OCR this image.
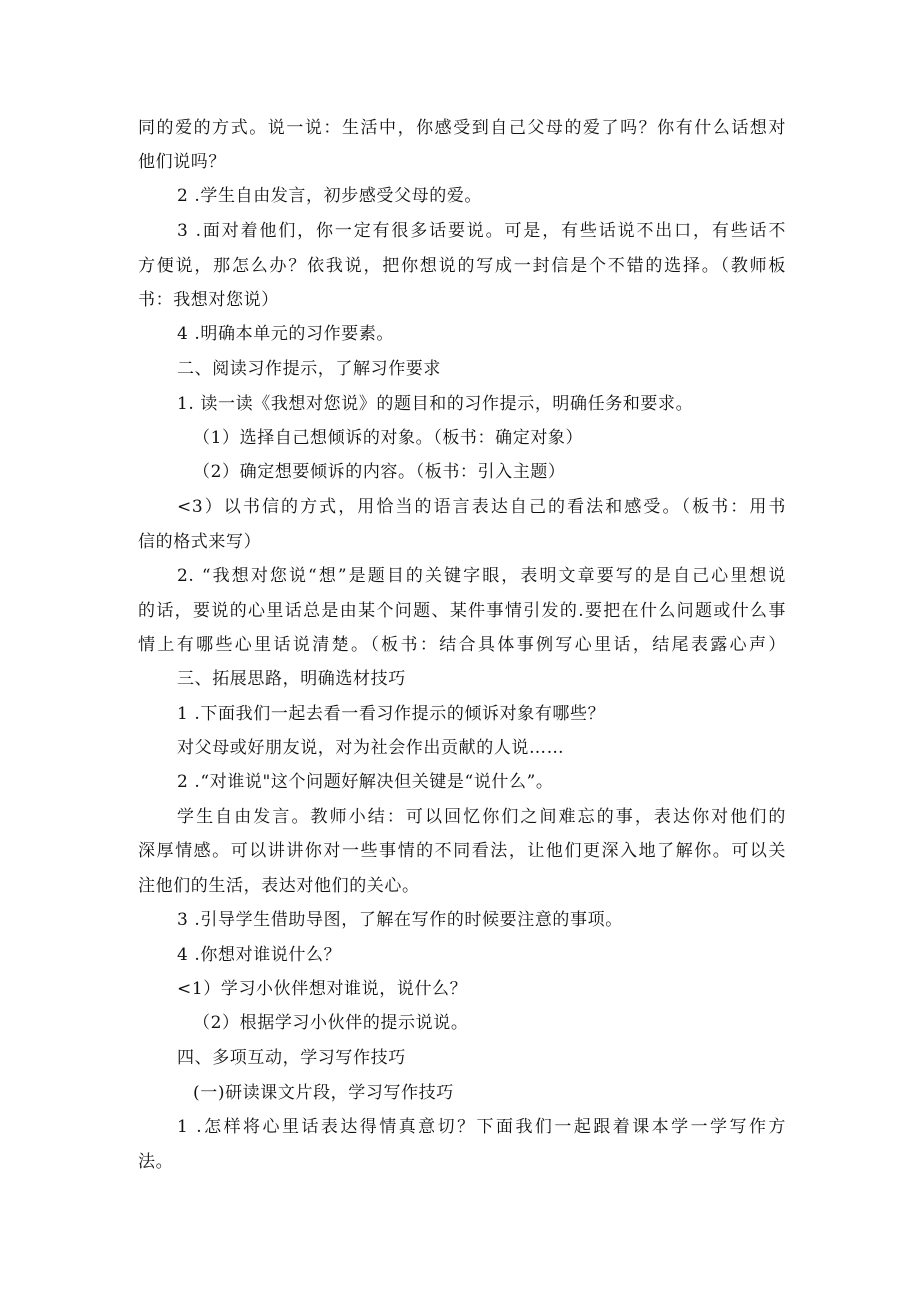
同的爱的方式。说一说：生活中，你感受到自己父母的爱了吗？你有什么话想对
他们说吗？
2 .学生自由发言，初步感受父母的爱。
3 .面对着他们，你一定有很多话要说。可是，有些话说不出口，有些话不
方便说，那怎么办？依我说，把你想说的写成一封信是个不错的选择。（教师板
书：我想对您说）
4 .明确本单元的习作要素。
二、阅读习作提示，了解习作要求
1. 读一读《我想对您说》的题目和的习作提示，明确任务和要求。
（1）选择自己想倾诉的对象。（板书：确定对象）
（2）确定想要倾诉的内容。（板书：引入主题）
<3）以书信的方式，用恰当的语言表达自己的看法和感受。（板书：用书
信的格式来写）
2. “我想对您说“想”是题目的关键字眼，表明文章要写的是自己心里想说
的话，要说的心里话总是由某个问题、某件事情引发的.要把在什么问题或什么事
情上有哪些心里话说清楚。（板书：结合具体事例写心里话，结尾表露心声）
三、拓展思路，明确选材技巧
1 .下面我们一起去看一看习作提示的倾诉对象有哪些？
对父母或好朋友说，对为社会作出贡献的人说……
2 .“对谁说"这个问题好解决但关键是“说什么”。
学生自由发言。教师小结：可以回忆你们之间难忘的事，表达你对他们的
深厚情感。可以讲讲你对一些事情的不同看法，让他们更深入地了解你。可以关
注他们的生活，表达对他们的关心。
3 .引导学生借助导图，了解在写作的时候要注意的事项。
4 .你想对谁说什么？
<1）学习小伙伴想对谁说，说什么？
（2）根据学习小伙伴的提示说说。
四、多项互动，学习写作技巧
(一)研读课文片段，学习写作技巧
1 .怎样将心里话表达得情真意切？下面我们一起跟着课本学一学写作方
法。
